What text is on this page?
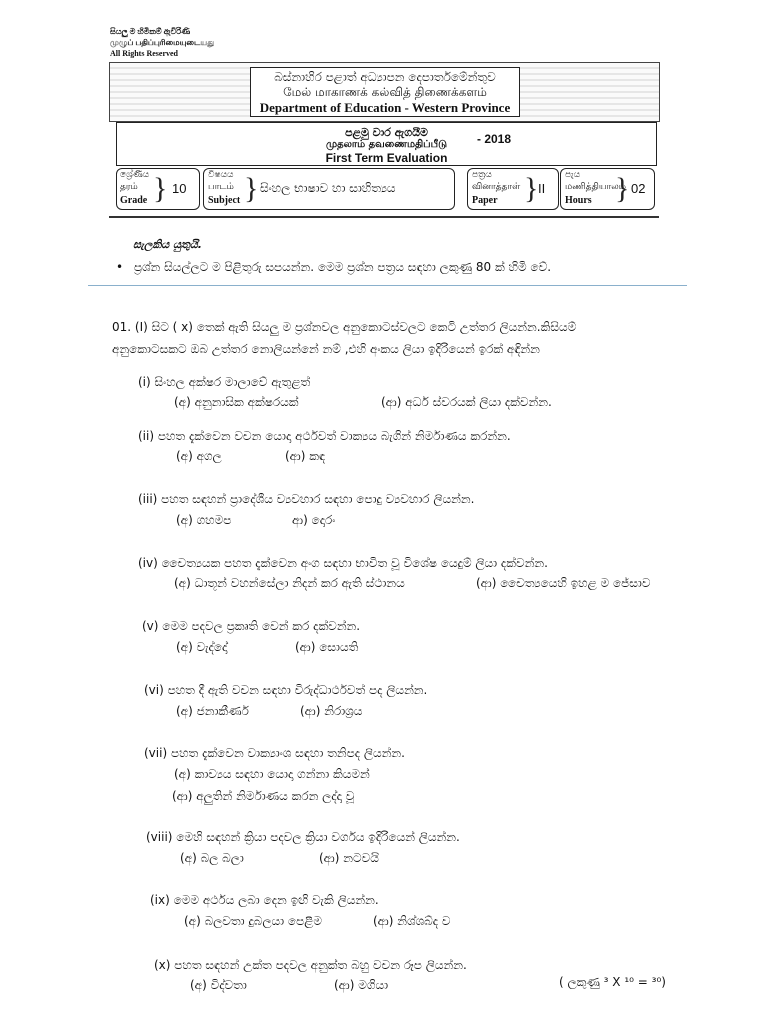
සියලු ම හිමිකම් ඇවිරිණි
முழுப் பதிப்புரிமையுடையது
All Rights Reserved
බස්නාහිර පළාත් අධ්‍යාපන දෙපාර්තමේන්තුව
மேல் மாகாணக் கல்வித் திணைக்களம்
Department of Education - Western Province
පළමු වාර ඇගයීම
முதலாம் தவணைமதிப்பீடு	- 2018
First Term Evaluation
ශ්‍රේණිය
தரம்
Grade } 10
විෂයය
பாடம்
Subject } සිංහල භාෂාව හා සාහිත්‍යය
පත්‍රය
வினாத்தாள்
Paper } II
පැය
மணித்தியாலம்
Hours } 02
සැලකිය යුතුයි.
• ප්‍රශ්න සියල්ලට ම පිළිතුරු සපයන්න. මෙම ප්‍රශ්න පත්‍රය සඳහා ලකුණු 80 ක් හිමි වේ.
01. (I) සිට ( x) තෙක් ඇති සියලු ම ප්‍රශ්නවල අනුකොටස්වලට කෙටි උත්තර ලියන්න.කිසියම්
අනුකොටසකට ඔබ උත්තර නොලියන්නේ නම් ,එහි අංකය ලියා ඉදිරියෙන් ඉරක් අඳින්න
(i) සිංහල අක්ෂර මාලාවේ ඇතුළත්
(අ) අනුනාසික අක්ෂරයක්	(ආ) අර්ධ ස්වරයක් ලියා දක්වන්න.
(ii) පහත දැක්වෙන වචන යොදා අර්ථවත් වාක්‍යය බැගින් නිර්මාණය කරන්න.
(අ) අගල	(ආ) කඳ
(iii) පහත සඳහන් ප්‍රාදේශීය ව්‍යවහාර සඳහා පොදු ව්‍යවහාර ලියන්න.
(අ) ගහමප	ආ) දොරං
(iv) චෛත්‍යයක පහත දැක්වෙන අංග සඳහා භාවිත වූ විශේෂ යෙදුම් ලියා දක්වන්න.
(අ) ධාතූන් වහන්සේලා නිදන් කර ඇති ස්ථානය	(ආ) චෛත්‍යයෙහි ඉහළ ම ජේසාව
(v) මෙම පදවල ප්‍රකෘති වෙන් කර දක්වන්න.
(අ) වැද්දෝ	(ආ) සොයති
(vi) පහත දී ඇති වචන සඳහා විරුද්ධාර්ථවත් පද ලියන්න.
(අ) ජනාකීර්ණ	(ආ) නිරාශ්‍රය
(vii) පහත දැක්වෙන වාක්‍යාංශ සඳහා තනිපද ලියන්න.
(අ) කාව්‍යය සඳහා යොදා ගන්නා කියමන්
(ආ) අලුතින් නිර්මාණය කරන ලද්දා වූ
(viii) මෙහි සඳහන් ක්‍රියා පදවල ක්‍රියා වර්ගය ඉදිරියෙන් ලියන්න.
(අ) බල බලා	(ආ) නටවයි
(ix) මෙම අර්ථය ලබා දෙන ඉඟි වැකි ලියන්න.
(අ) බලවතා දුබලයා පෙළීම	(ආ) නිශ්ශබ්ද ව
(x) පහත සඳහන් උක්ත පදවල අනුක්ත බහු වචන රූප ලියන්න.
(අ) විද්වතා	(ආ) මගියා	( ලකුණු ³ X ¹⁰ = ³⁰)
